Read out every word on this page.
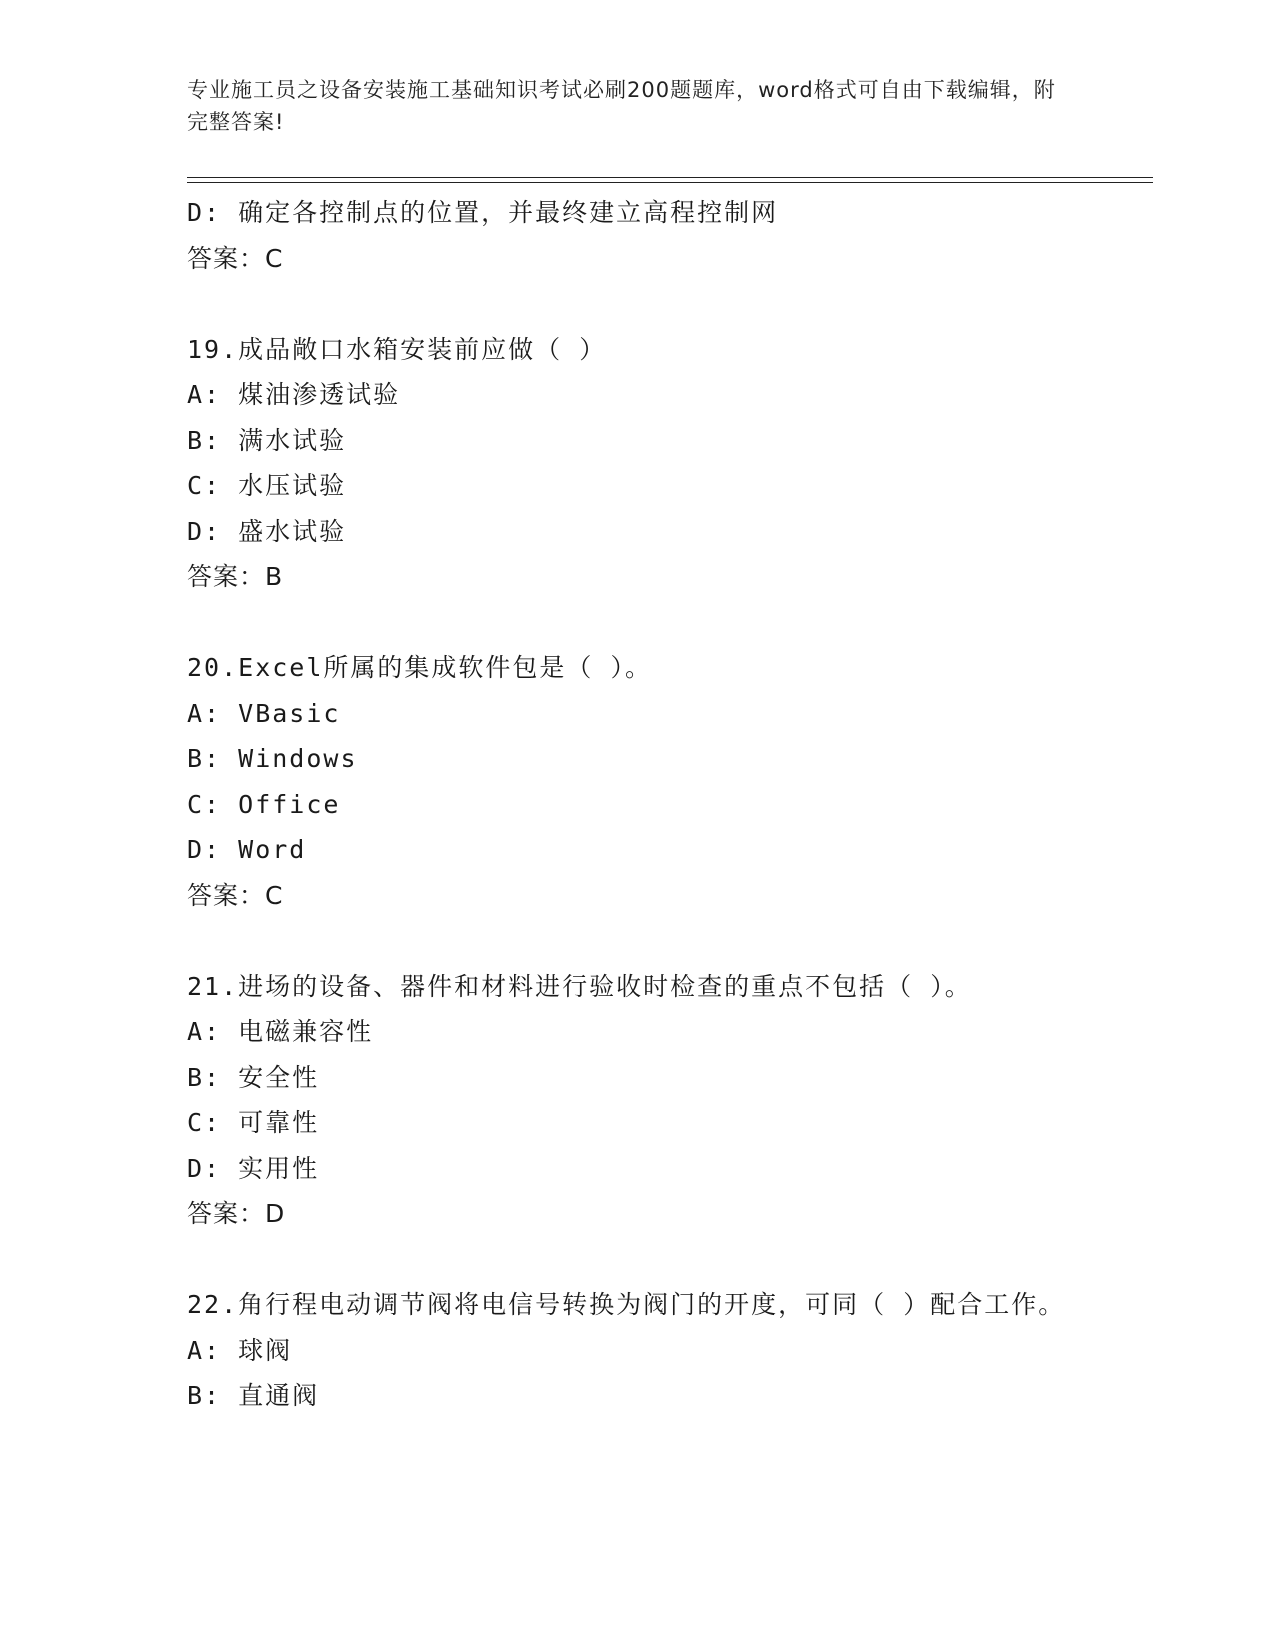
专业施工员之设备安装施工基础知识考试必刷200题题库，word格式可自由下载编辑，附完整答案!
D: 确定各控制点的位置，并最终建立高程控制网
答案：C
19.成品敞口水箱安装前应做（ ）
A: 煤油渗透试验
B: 满水试验
C: 水压试验
D: 盛水试验
答案：B
20.Excel所属的集成软件包是（ ）。
A: VBasic
B: Windows
C: Office
D: Word
答案：C
21.进场的设备、器件和材料进行验收时检查的重点不包括（ ）。
A: 电磁兼容性
B: 安全性
C: 可靠性
D: 实用性
答案：D
22.角行程电动调节阀将电信号转换为阀门的开度，可同（ ）配合工作。
A: 球阀
B: 直通阀
